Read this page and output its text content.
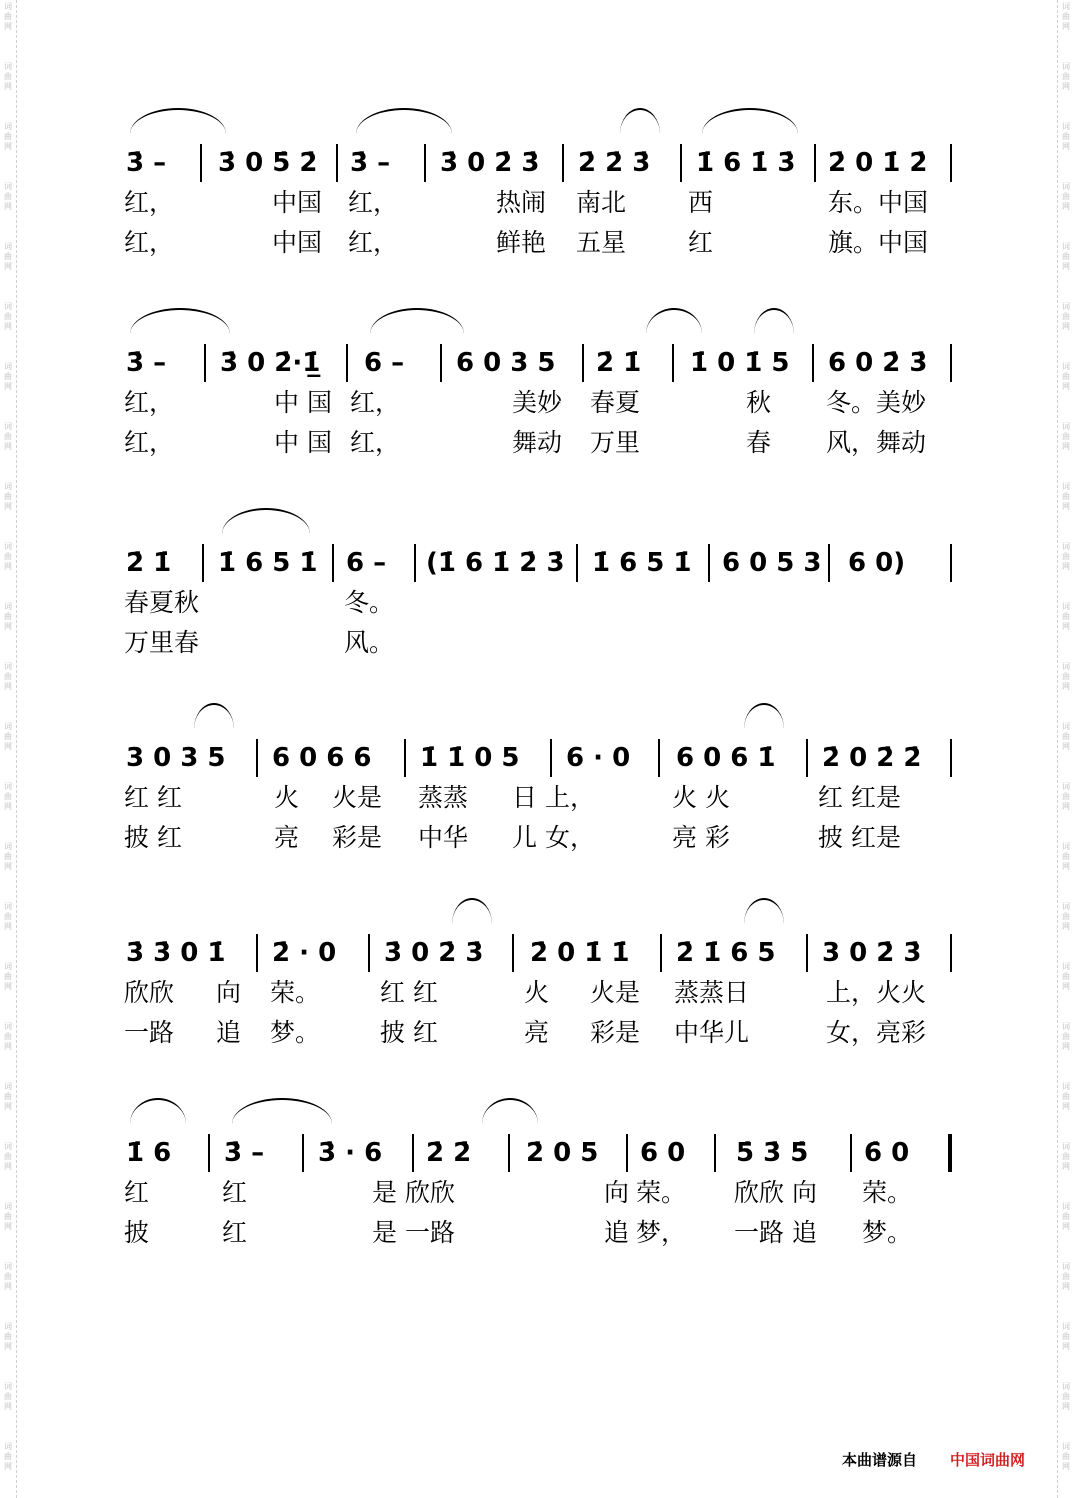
词
曲
网
词
曲
网
词
曲
网
词
曲
网
词
曲
网
词
曲
网
词
曲
网
词
曲
网
词
曲
网
词
曲
网
词
曲
网
词
曲
网
词
曲
网
词
曲
网
词
曲
网
词
曲
网
词
曲
网
词
曲
网
词
曲
网
词
曲
网
词
曲
网
词
曲
网
词
曲
网
词
曲
网
词
曲
网
词
曲
网
词
曲
网
词
曲
网
词
曲
网
词
曲
网
词
曲
网
词
曲
网
词
曲
网
词
曲
网
词
曲
网
词
曲
网
词
曲
网
词
曲
网
词
曲
网
词
曲
网
词
曲
网
词
曲
网
词
曲
网
词
曲
网
词
曲
网
词
曲
网
词
曲
网
词
曲
网
词
曲
网
词
曲
网
3̇ – 3̇ 0 5̇ 2̇ 3̇ – 3̇ 0 2̇ 3̇ 2̇ 2̇ 3̇ 1̇ 6 1̇ 3̇ 2̇ 0 1̇ 2̇
红，	中国 红，	热闹 南北 西	东。中国
红，	中国 红，	鲜艳 五星 红	旗。中国
3̇ – 3̇ 0 2̇·1̲̇ 6 – 6 0 3 5 2̇ 1̇ 1̇ 0 1̇ 5 6 0 2̇ 3̇
红，	中 国 红，	美妙 春夏	秋 冬。美妙
红，	中 国 红，	舞动 万里	春 风，舞动
2̇ 1̇ 1̇ 6 5 1̇ 6 – (1̇ 6 1̇ 2̇ 3̇ 1̇ 6 5 1̇ 6 0 5 3 6 0)
春夏秋	冬。
万里春	风。
3 0 3 5 6 0 6 6 1̇ 1̇ 0 5 6 · 0 6 0 6 1̇ 2̇ 0 2̇ 2̇
红 红	火 火是 蒸蒸 日 上，	火 火	红 红是
披 红	亮 彩是 中华 儿 女，	亮 彩	披 红是
3̇ 3̇ 0 1̇ 2̇ · 0 3̇ 0 2̇ 3̇ 2̇ 0 1̇ 1̇ 2̇ 1̇ 6 5 3 0 2̇ 3̇
欣欣 向 荣。 红 红	火 火是 蒸蒸日	上，火火
一路 追 梦。 披 红	亮 彩是 中华儿	女，亮彩
1̇ 6 3̇ – 3̇ · 6 2̇ 2̇ 2̇ 0 5 6 0 5̇ 3̇ 5̇ 6̇ 0
红	红	是 欣欣	向 荣。 欣欣 向 荣。
披	红	是 一路	追 梦， 一路 追 梦。
本曲谱源自	中国词曲网
